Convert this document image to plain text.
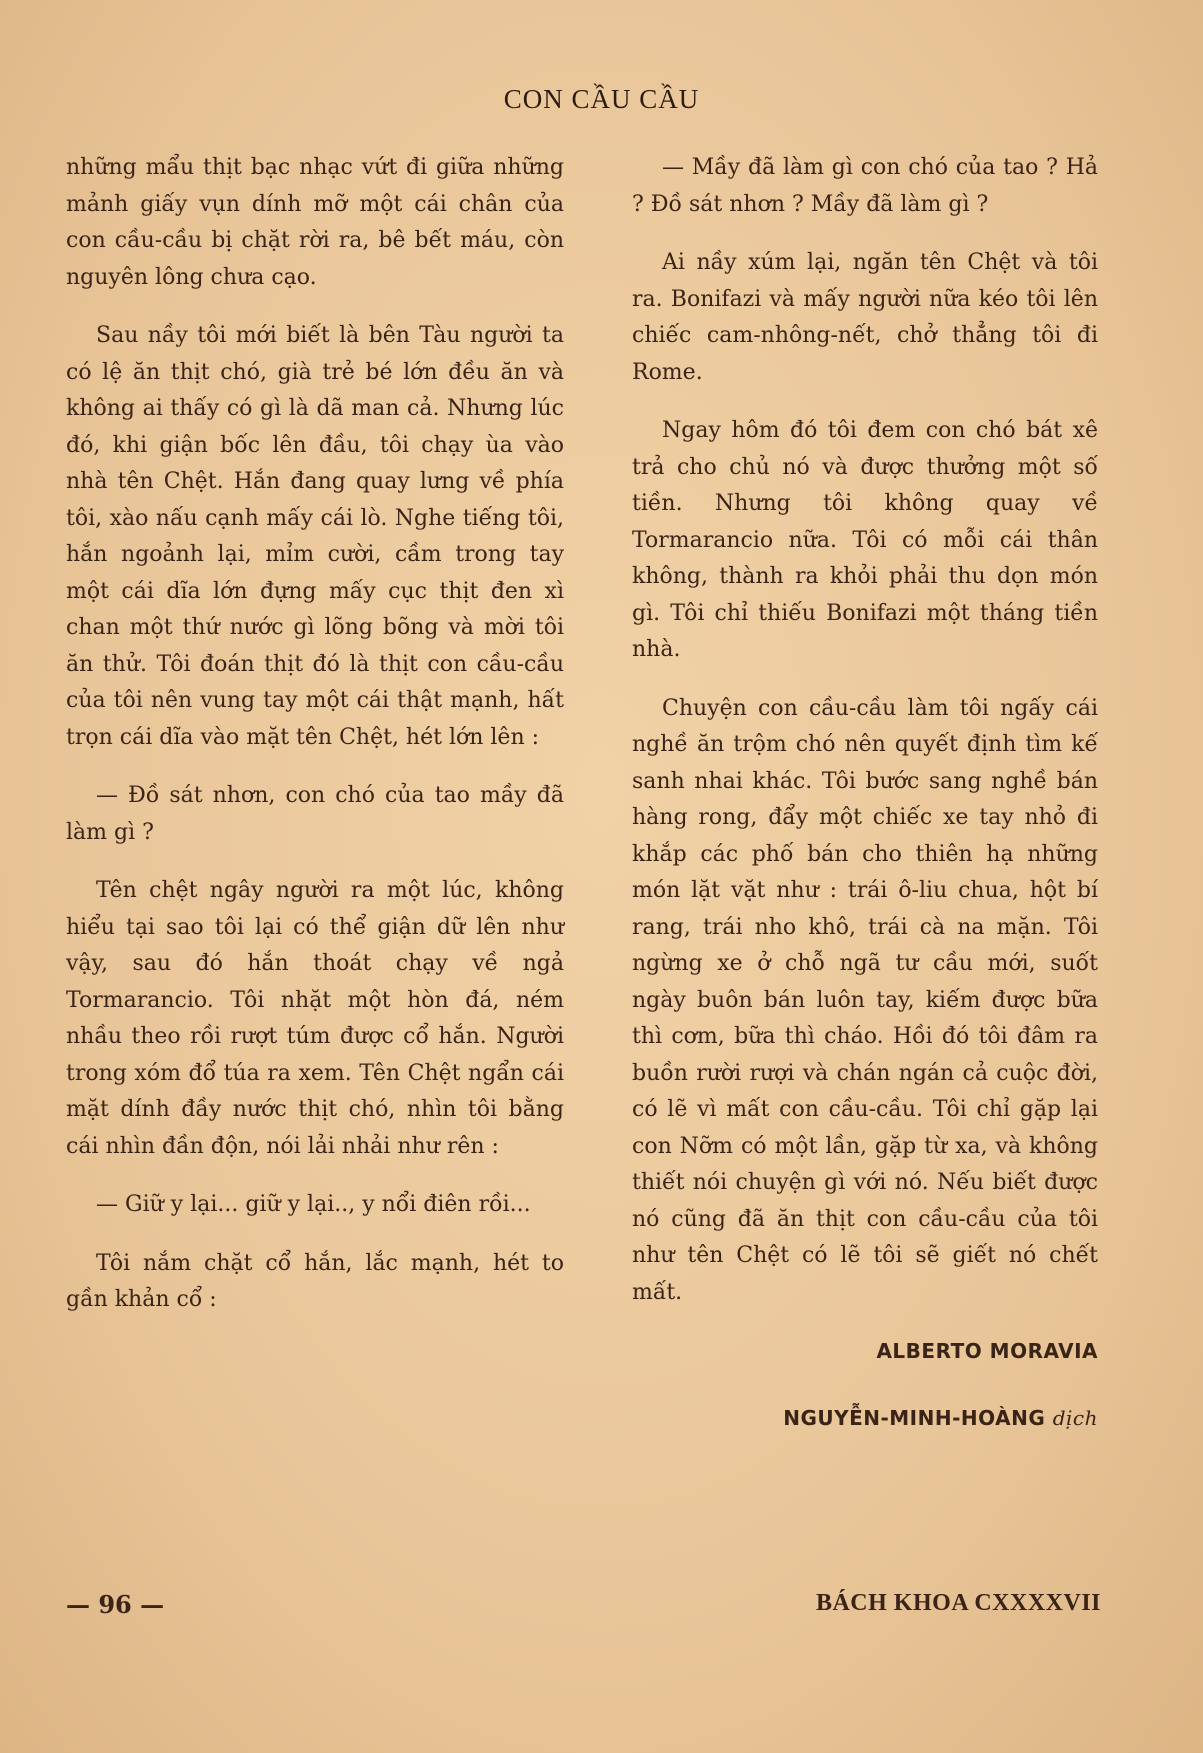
CON CẦU CẦU

những mẩu thịt bạc nhạc vứt đi giữa những mảnh giấy vụn dính mỡ một cái chân của con cầu-cầu bị chặt rời ra, bê bết máu, còn nguyên lông chưa cạo.

Sau nầy tôi mới biết là bên Tàu người ta có lệ ăn thịt chó, già trẻ bé lớn đều ăn và không ai thấy có gì là dã man cả. Nhưng lúc đó, khi giận bốc lên đầu, tôi chạy ùa vào nhà tên Chệt. Hắn đang quay lưng về phía tôi, xào nấu cạnh mấy cái lò. Nghe tiếng tôi, hắn ngoảnh lại, mỉm cười, cầm trong tay một cái dĩa lớn đựng mấy cục thịt đen xì chan một thứ nước gì lõng bõng và mời tôi ăn thử. Tôi đoán thịt đó là thịt con cầu-cầu của tôi nên vung tay một cái thật mạnh, hất trọn cái dĩa vào mặt tên Chệt, hét lớn lên :

— Đồ sát nhơn, con chó của tao mầy đã làm gì ?

Tên chệt ngây người ra một lúc, không hiểu tại sao tôi lại có thể giận dữ lên như vậy, sau đó hắn thoát chạy về ngả Tormarancio. Tôi nhặt một hòn đá, ném nhầu theo rồi rượt túm được cổ hắn. Người trong xóm đổ túa ra xem. Tên Chệt ngẩn cái mặt dính đầy nước thịt chó, nhìn tôi bằng cái nhìn đần độn, nói lải nhải như rên :

— Giữ y lại... giữ y lại.., y nổi điên rồi...

Tôi nắm chặt cổ hắn, lắc mạnh, hét to gần khản cổ :

— Mầy đã làm gì con chó của tao ? Hả ? Đồ sát nhơn ? Mầy đã làm gì ?

Ai nầy xúm lại, ngăn tên Chệt và tôi ra. Bonifazi và mấy người nữa kéo tôi lên chiếc cam-nhông-nết, chở thẳng tôi đi Rome.

Ngay hôm đó tôi đem con chó bát xê trả cho chủ nó và được thưởng một số tiền. Nhưng tôi không quay về Tormarancio nữa. Tôi có mỗi cái thân không, thành ra khỏi phải thu dọn món gì. Tôi chỉ thiếu Bonifazi một tháng tiền nhà.

Chuyện con cầu-cầu làm tôi ngấy cái nghề ăn trộm chó nên quyết định tìm kế sanh nhai khác. Tôi bước sang nghề bán hàng rong, đẩy một chiếc xe tay nhỏ đi khắp các phố bán cho thiên hạ những món lặt vặt như : trái ô-liu chua, hột bí rang, trái nho khô, trái cà na mặn. Tôi ngừng xe ở chỗ ngã tư cầu mới, suốt ngày buôn bán luôn tay, kiếm được bữa thì cơm, bữa thì cháo. Hồi đó tôi đâm ra buồn rười rượi và chán ngán cả cuộc đời, có lẽ vì mất con cầu-cầu. Tôi chỉ gặp lại con Nỡm có một lần, gặp từ xa, và không thiết nói chuyện gì với nó. Nếu biết được nó cũng đã ăn thịt con cầu-cầu của tôi như tên Chệt có lẽ tôi sẽ giết nó chết mất.

ALBERTO MORAVIA
NGUYỄN-MINH-HOÀNG dịch
— 96 —	BÁCH KHOA CXXXXVII
